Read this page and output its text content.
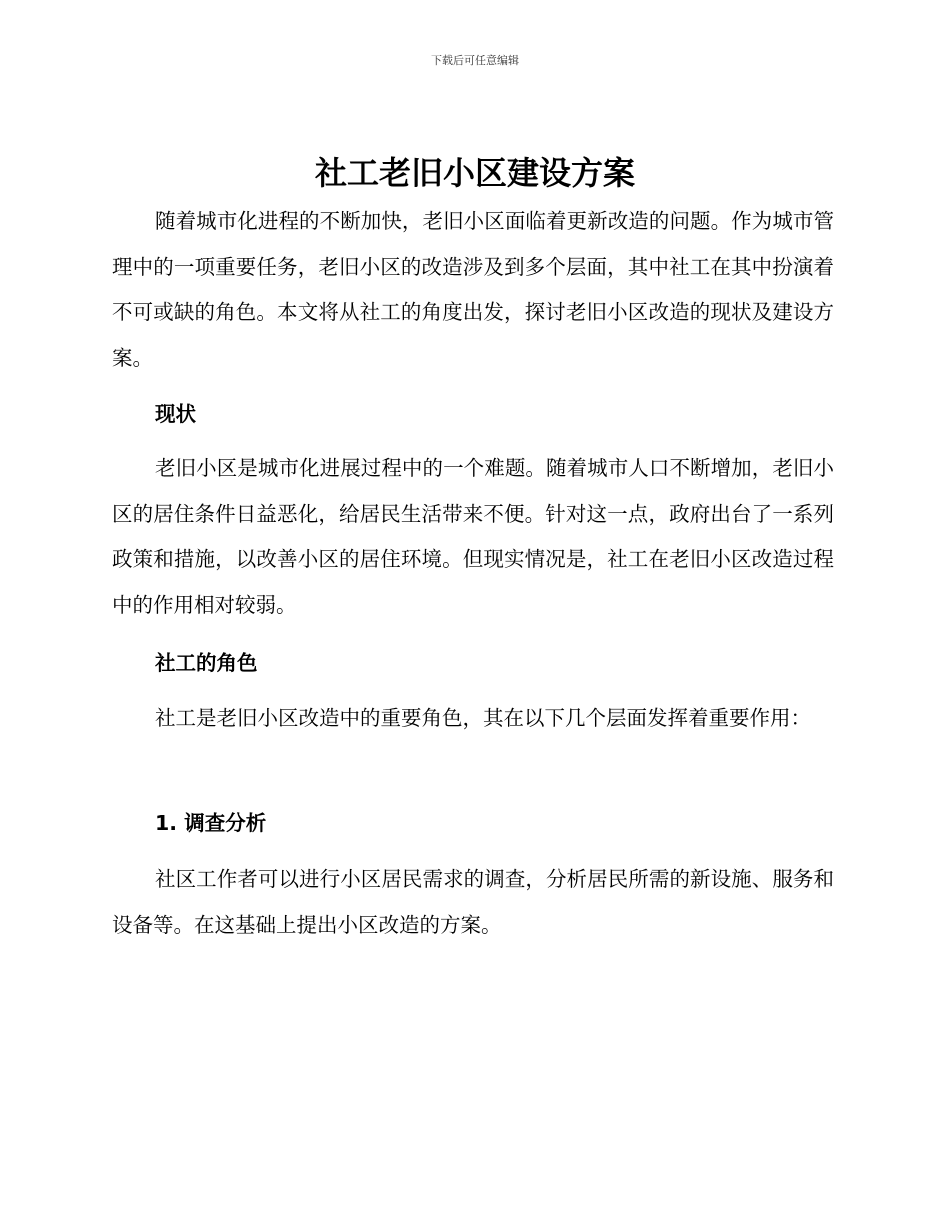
下载后可任意编辑
社工老旧小区建设方案

随着城市化进程的不断加快，老旧小区面临着更新改造的问题。作为城市管理中的一项重要任务，老旧小区的改造涉及到多个层面，其中社工在其中扮演着不可或缺的角色。本文将从社工的角度出发，探讨老旧小区改造的现状及建设方案。

现状

老旧小区是城市化进展过程中的一个难题。随着城市人口不断增加，老旧小区的居住条件日益恶化，给居民生活带来不便。针对这一点，政府出台了一系列政策和措施，以改善小区的居住环境。但现实情况是，社工在老旧小区改造过程中的作用相对较弱。

社工的角色

社工是老旧小区改造中的重要角色，其在以下几个层面发挥着重要作用：

1. 调查分析

社区工作者可以进行小区居民需求的调查，分析居民所需的新设施、服务和设备等。在这基础上提出小区改造的方案。
